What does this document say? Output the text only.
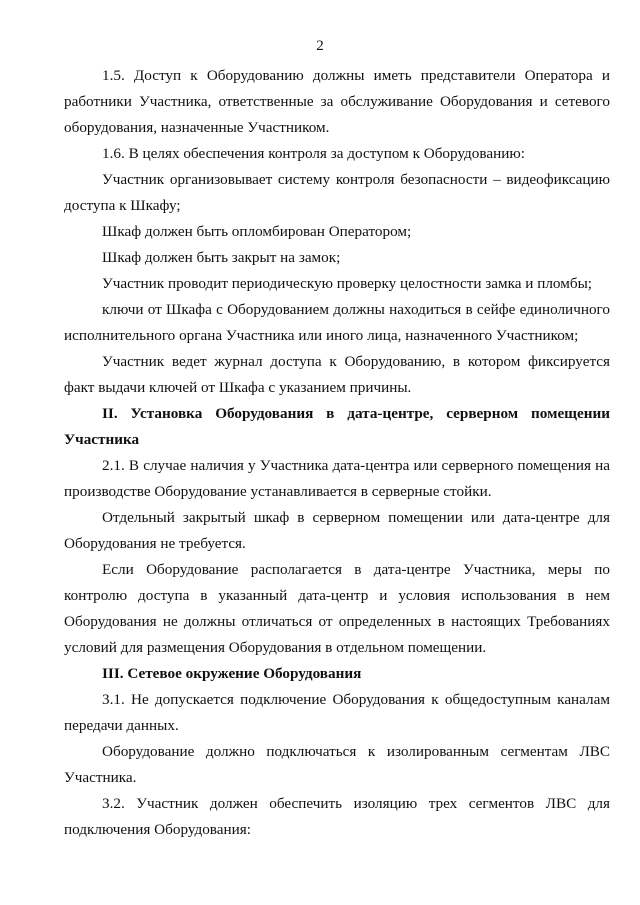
2

1.5. Доступ к Оборудованию должны иметь представители Оператора и работники Участника, ответственные за обслуживание Оборудования и сетевого оборудования, назначенные Участником.

1.6. В целях обеспечения контроля за доступом к Оборудованию:

Участник организовывает систему контроля безопасности – видеофиксацию доступа к Шкафу;

Шкаф должен быть опломбирован Оператором;

Шкаф должен быть закрыт на замок;

Участник проводит периодическую проверку целостности замка и пломбы;

ключи от Шкафа с Оборудованием должны находиться в сейфе единоличного исполнительного органа Участника или иного лица, назначенного Участником;

Участник ведет журнал доступа к Оборудованию, в котором фиксируется факт выдачи ключей от Шкафа с указанием причины.

II. Установка Оборудования в дата-центре, серверном помещении Участника

2.1. В случае наличия у Участника дата-центра или серверного помещения на производстве Оборудование устанавливается в серверные стойки.

Отдельный закрытый шкаф в серверном помещении или дата-центре для Оборудования не требуется.

Если Оборудование располагается в дата-центре Участника, меры по контролю доступа в указанный дата-центр и условия использования в нем Оборудования не должны отличаться от определенных в настоящих Требованиях условий для размещения Оборудования в отдельном помещении.

III. Сетевое окружение Оборудования

3.1. Не допускается подключение Оборудования к общедоступным каналам передачи данных.

Оборудование должно подключаться к изолированным сегментам ЛВС Участника.

3.2. Участник должен обеспечить изоляцию трех сегментов ЛВС для подключения Оборудования:
